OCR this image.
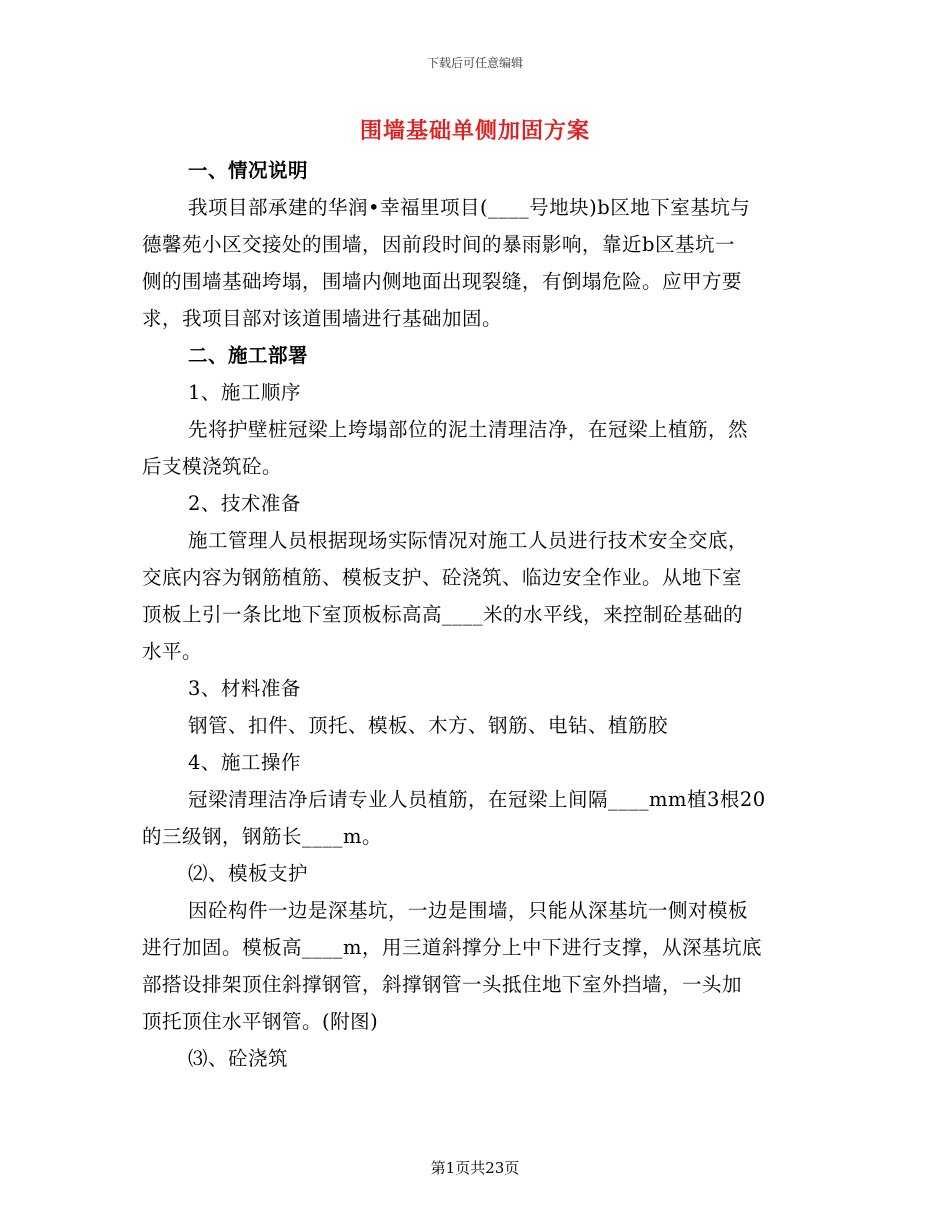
下载后可任意编辑
围墙基础单侧加固方案
一、情况说明
我项目部承建的华润•幸福里项目(____号地块)b区地下室基坑与
德馨苑小区交接处的围墙，因前段时间的暴雨影响，靠近b区基坑一
侧的围墙基础垮塌，围墙内侧地面出现裂缝，有倒塌危险。应甲方要
求，我项目部对该道围墙进行基础加固。
二、施工部署
1、施工顺序
先将护壁桩冠梁上垮塌部位的泥土清理洁净，在冠梁上植筋，然
后支模浇筑砼。
2、技术准备
施工管理人员根据现场实际情况对施工人员进行技术安全交底，
交底内容为钢筋植筋、模板支护、砼浇筑、临边安全作业。从地下室
顶板上引一条比地下室顶板标高高____米的水平线，来控制砼基础的
水平。
3、材料准备
钢管、扣件、顶托、模板、木方、钢筋、电钻、植筋胶
4、施工操作
冠梁清理洁净后请专业人员植筋，在冠梁上间隔____mm植3根20
的三级钢，钢筋长____m。
⑵、模板支护
因砼构件一边是深基坑，一边是围墙，只能从深基坑一侧对模板
进行加固。模板高____m，用三道斜撑分上中下进行支撑，从深基坑底
部搭设排架顶住斜撑钢管，斜撑钢管一头抵住地下室外挡墙，一头加
顶托顶住水平钢管。(附图)
⑶、砼浇筑
第1页共23页
